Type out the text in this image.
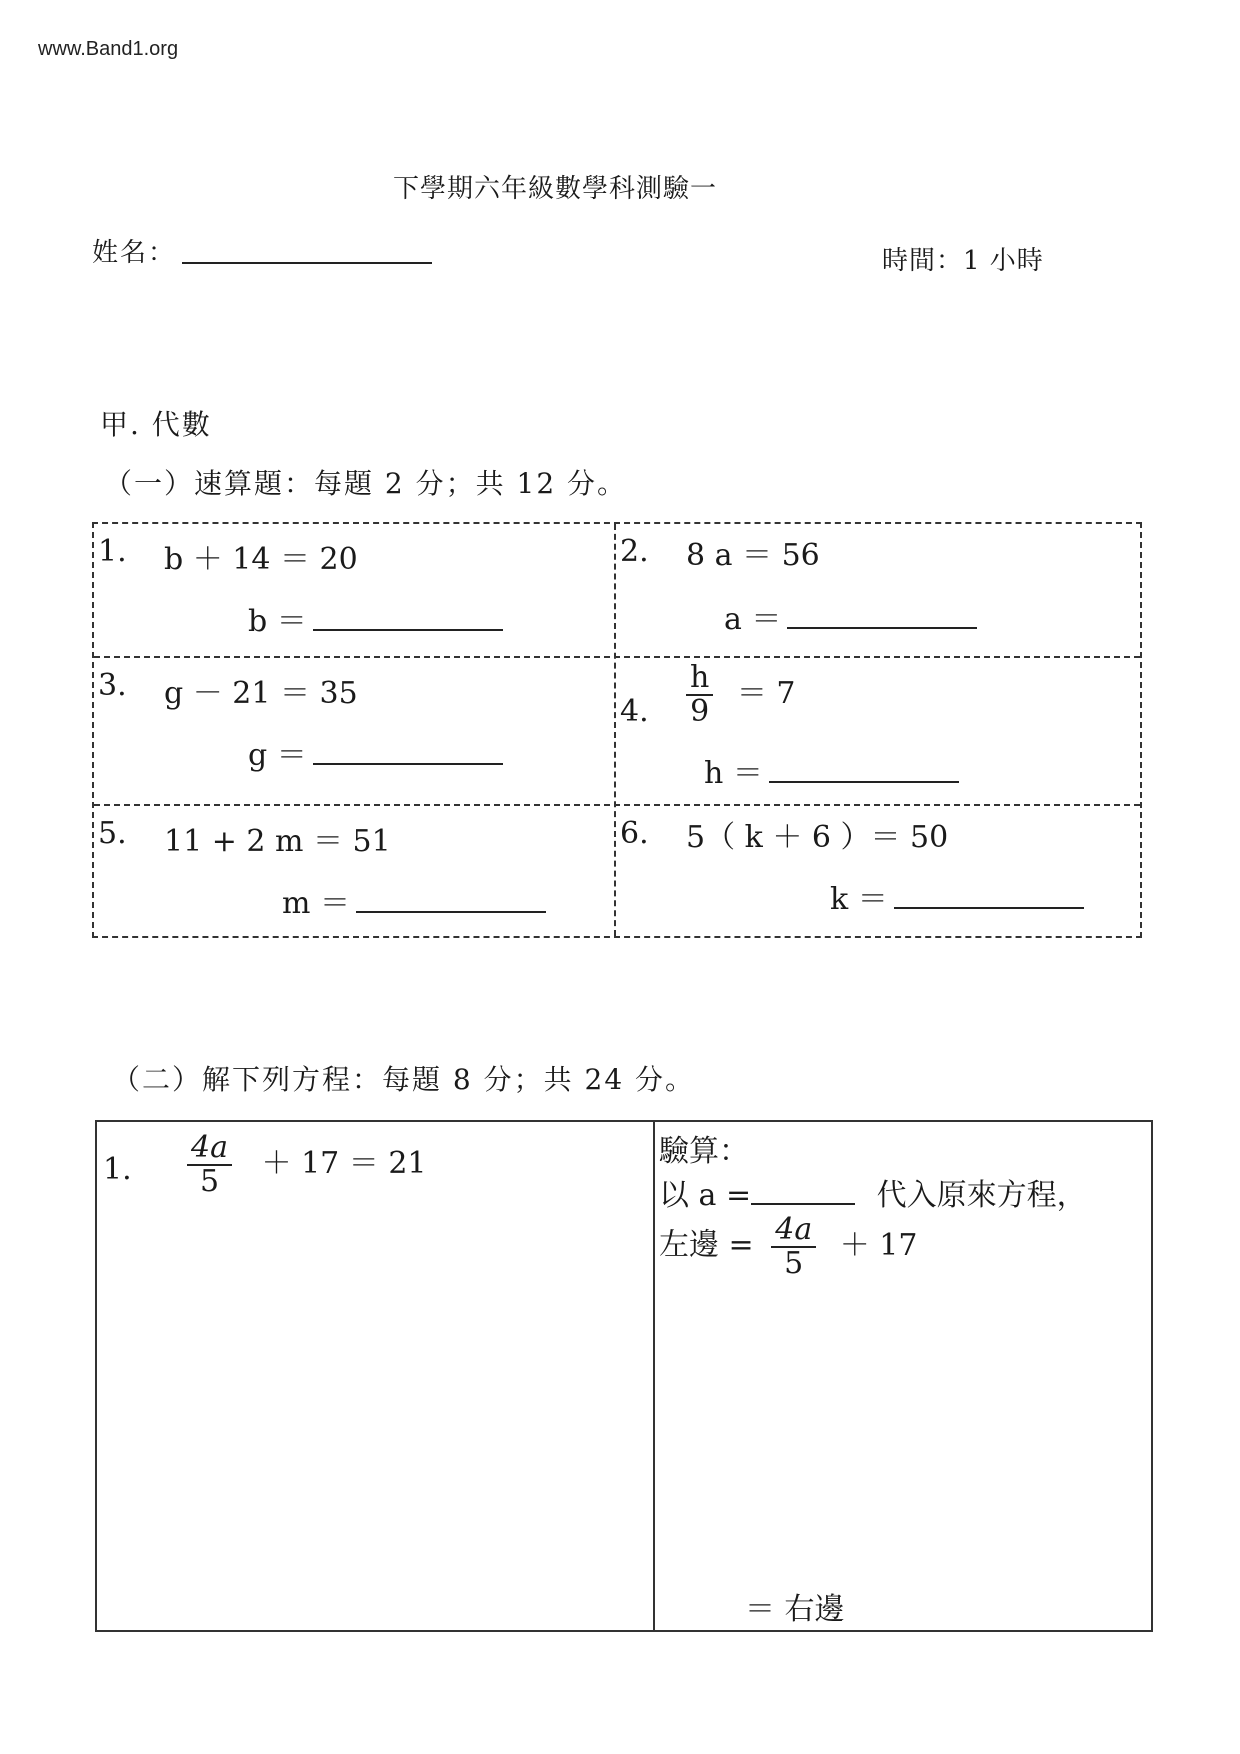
www.Band1.org
下學期六年級數學科測驗一
姓名：	時間：1 小時
甲. 代數
（一）速算題：每題 2 分；共 12 分。
1. b ＋ 14 ＝ 20
b ＝
2. 8 a ＝ 56
a ＝
3. g － 21 ＝ 35
g ＝
4. $\frac{h}{9} = 7$
h ＝
5. 11 + 2 m ＝ 51
m ＝
6. 5（ k ＋ 6 ）＝ 50
k ＝
（二）解下列方程：每題 8 分；共 24 分。
1. $\frac{4a}{5} + 17 = 21$	驗算：
以 a =	代入原來方程，
左邊 = $\frac{4a}{5} + 17$
＝ 右邊
